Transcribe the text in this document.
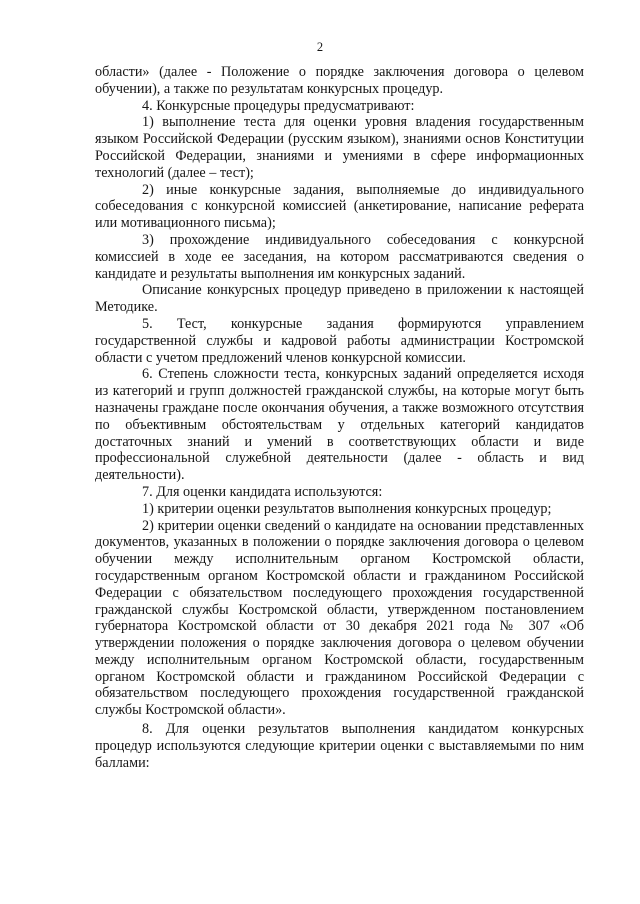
2

области» (далее - Положение о порядке заключения договора о целевом обучении), а также по результатам конкурсных процедур.

4. Конкурсные процедуры предусматривают:

1) выполнение теста для оценки уровня владения государственным языком Российской Федерации (русским языком), знаниями основ Конституции Российской Федерации, знаниями и умениями в сфере информационных технологий (далее – тест);

2) иные конкурсные задания, выполняемые до индивидуального собеседования с конкурсной комиссией (анкетирование, написание реферата или мотивационного письма);

3) прохождение индивидуального собеседования с конкурсной комиссией в ходе ее заседания, на котором рассматриваются сведения о кандидате и результаты выполнения им конкурсных заданий.

Описание конкурсных процедур приведено в приложении к настоящей Методике.

5. Тест, конкурсные задания формируются управлением государственной службы и кадровой работы администрации Костромской области с учетом предложений членов конкурсной комиссии.

6. Степень сложности теста, конкурсных заданий определяется исходя из категорий и групп должностей гражданской службы, на которые могут быть назначены граждане после окончания обучения, а также возможного отсутствия по объективным обстоятельствам у отдельных категорий кандидатов достаточных знаний и умений в соответствующих области и виде профессиональной служебной деятельности (далее - область и вид деятельности).

7. Для оценки кандидата используются:

1) критерии оценки результатов выполнения конкурсных процедур;

2) критерии оценки сведений о кандидате на основании представленных документов, указанных в положении о порядке заключения договора о целевом обучении между исполнительным органом Костромской области, государственным органом Костромской области и гражданином Российской Федерации с обязательством последующего прохождения государственной гражданской службы Костромской области, утвержденном постановлением губернатора Костромской области от 30 декабря 2021 года № 307 «Об утверждении положения о порядке заключения договора о целевом обучении между исполнительным органом Костромской области, государственным органом Костромской области и гражданином Российской Федерации с обязательством последующего прохождения государственной гражданской службы Костромской области».

8. Для оценки результатов выполнения кандидатом конкурсных процедур используются следующие критерии оценки с выставляемыми по ним баллами:
